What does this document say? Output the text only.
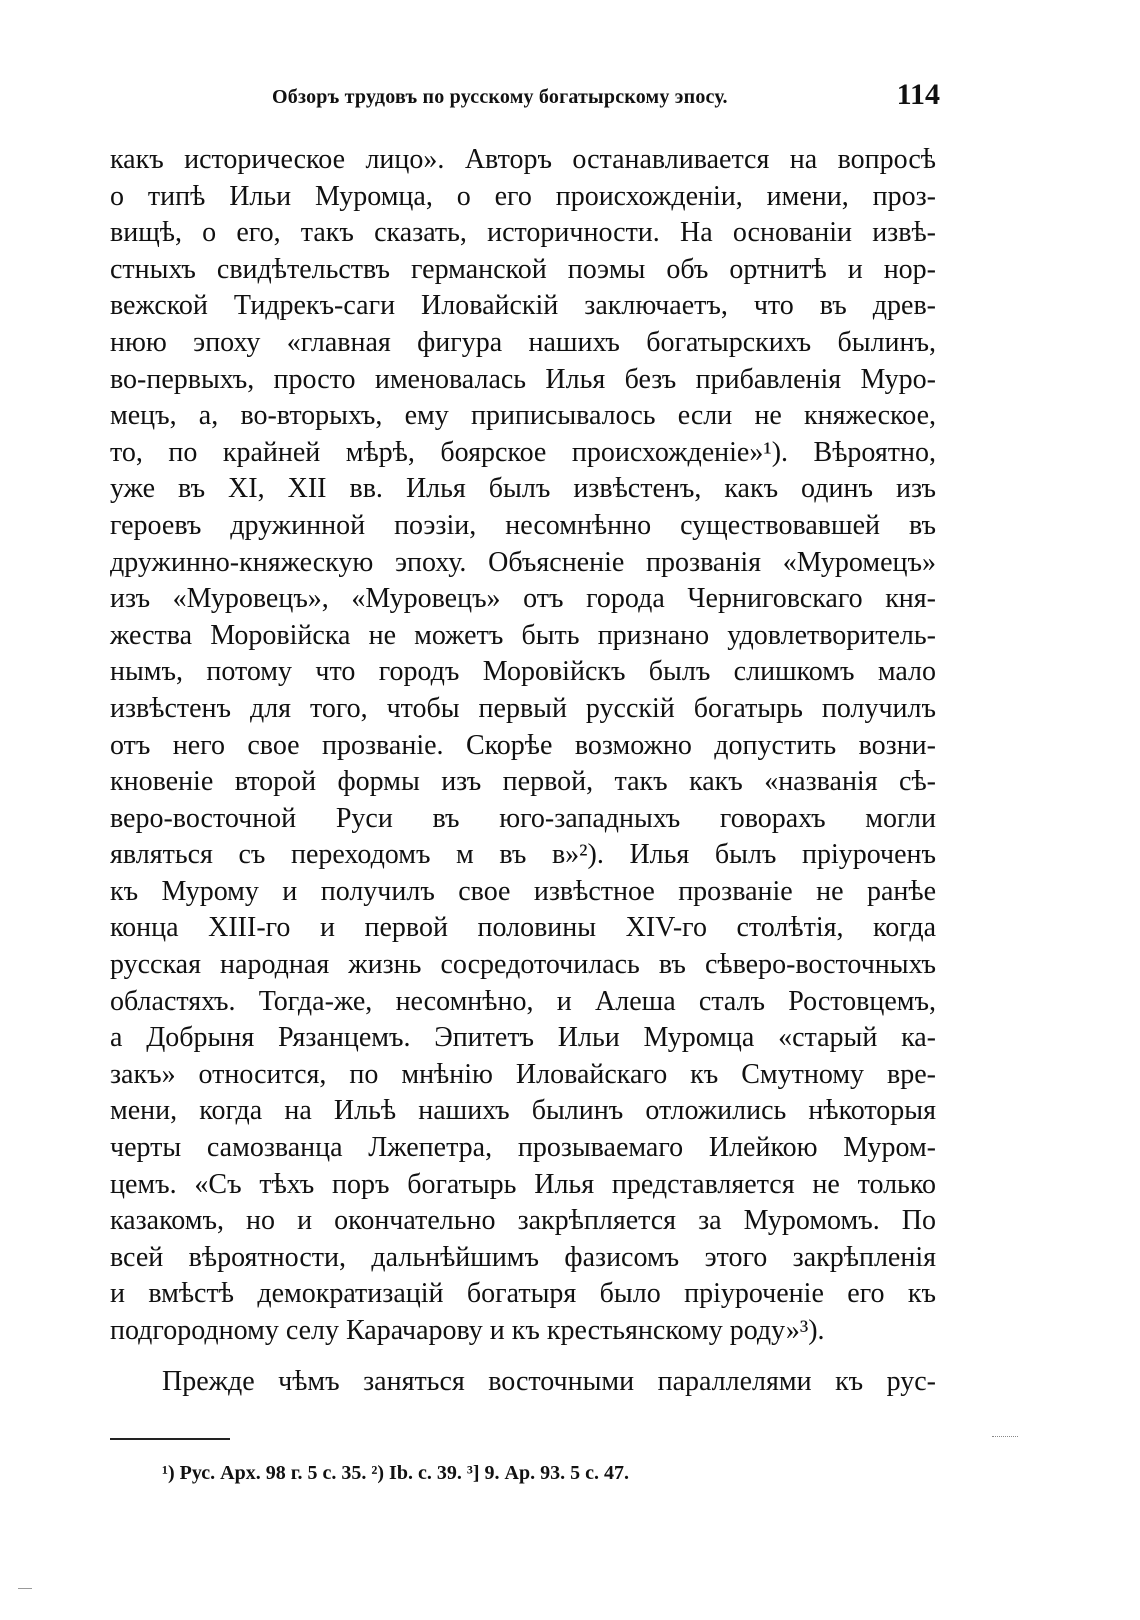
Обзоръ трудовъ по русскому богатырскому эпосу.	114
какъ историческое лицо». Авторъ останавливается на вопросѣ
о типѣ Ильи Муромца, о его происхожденiи, имени, проз-
вищѣ, о его, такъ сказать, историчности. На основанiи извѣ-
стныхъ свидѣтельствъ германской поэмы объ ортнитѣ и нор-
вежской Тидрекъ-саги Иловайскiй заключаетъ, что въ древ-
нюю эпоху «главная фигура нашихъ богатырскихъ былинъ,
во-первыхъ, просто именовалась Илья безъ прибавленiя Муро-
мецъ, а, во-вторыхъ, ему приписывалось если не княжеское,
то, по крайней мѣрѣ, боярское происхожденiе»¹). Вѣроятно,
уже въ XI, XII вв. Илья былъ извѣстенъ, какъ одинъ изъ
героевъ дружинной поэзiи, несомнѣнно существовавшей въ
дружинно-княжескую эпоху. Объясненiе прозванiя «Муромецъ»
изъ «Муровецъ», «Муровецъ» отъ города Черниговскаго кня-
жества Моровiйска не можетъ быть признано удовлетворитель-
нымъ, потому что городъ Моровiйскъ былъ слишкомъ мало
извѣстенъ для того, чтобы первый русскiй богатырь получилъ
отъ него свое прозванiе. Скорѣе возможно допустить возни-
кновенiе второй формы изъ первой, такъ какъ «названiя сѣ-
веро-восточной Руси въ юго-западныхъ говорахъ могли
являться съ переходомъ м въ в»²). Илья былъ прiуроченъ
къ Мурому и получилъ свое извѣстное прозванiе не ранѣе
конца XIII-го и первой половины XIV-го столѣтiя, когда
русская народная жизнь сосредоточилась въ сѣверо-восточныхъ
областяхъ. Тогда-же, несомнѣно, и Алеша сталъ Ростовцемъ,
а Добрыня Рязанцемъ. Эпитетъ Ильи Муромца «старый ка-
закъ» относится, по мнѣнiю Иловайскаго къ Смутному вре-
мени, когда на Ильѣ нашихъ былинъ отложились нѣкоторыя
черты самозванца Лжепетра, прозываемаго Илейкою Муром-
цемъ. «Съ тѣхъ поръ богатырь Илья представляется не только
казакомъ, но и окончательно закрѣпляется за Муромомъ. По
всей вѣроятности, дальнѣйшимъ фазисомъ этого закрѣпленiя
и вмѣстѣ демократизацiй богатыря было прiуроченiе его къ
подгородному селу Карачарову и къ крестьянскому роду»³).
Прежде чѣмъ заняться восточными параллелями къ рус-
¹) Рус. Арх. 98 г. 5 с. 35. ²) Ib. с. 39. ³] 9. Ар. 93. 5 с. 47.
